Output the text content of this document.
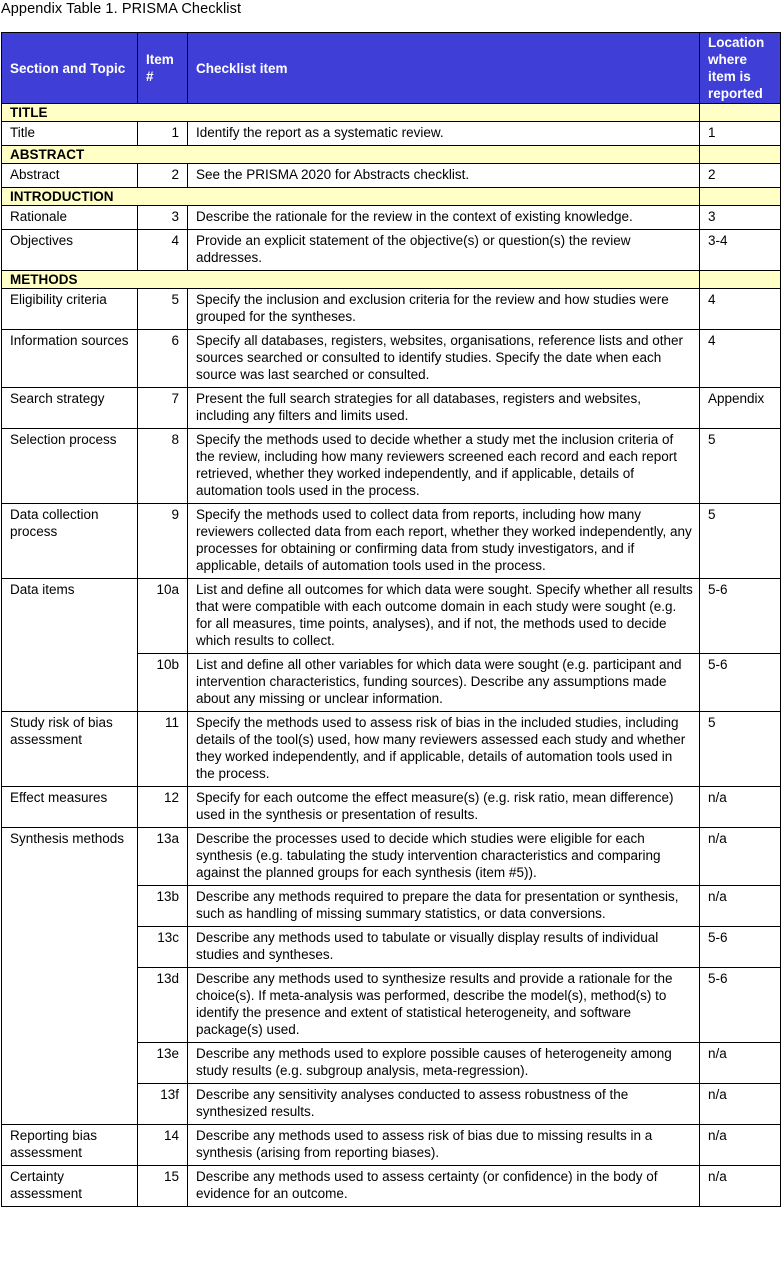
Appendix Table 1. PRISMA Checklist
Section and Topic	Item #	Checklist item	Location where item is reported
TITLE			
Title	1	Identify the report as a systematic review.	1
ABSTRACT			
Abstract	2	See the PRISMA 2020 for Abstracts checklist.	2
INTRODUCTION			
Rationale	3	Describe the rationale for the review in the context of existing knowledge.	3
Objectives	4	Provide an explicit statement of the objective(s) or question(s) the review addresses.	3-4
METHODS			
Eligibility criteria	5	Specify the inclusion and exclusion criteria for the review and how studies were grouped for the syntheses.	4
Information sources	6	Specify all databases, registers, websites, organisations, reference lists and other sources searched or consulted to identify studies. Specify the date when each source was last searched or consulted.	4
Search strategy	7	Present the full search strategies for all databases, registers and websites, including any filters and limits used.	Appendix
Selection process	8	Specify the methods used to decide whether a study met the inclusion criteria of the review, including how many reviewers screened each record and each report retrieved, whether they worked independently, and if applicable, details of automation tools used in the process.	5
Data collection process	9	Specify the methods used to collect data from reports, including how many reviewers collected data from each report, whether they worked independently, any processes for obtaining or confirming data from study investigators, and if applicable, details of automation tools used in the process.	5
Data items	10a	List and define all outcomes for which data were sought. Specify whether all results that were compatible with each outcome domain in each study were sought (e.g. for all measures, time points, analyses), and if not, the methods used to decide which results to collect.	5-6
	10b	List and define all other variables for which data were sought (e.g. participant and intervention characteristics, funding sources). Describe any assumptions made about any missing or unclear information.	5-6
Study risk of bias assessment	11	Specify the methods used to assess risk of bias in the included studies, including details of the tool(s) used, how many reviewers assessed each study and whether they worked independently, and if applicable, details of automation tools used in the process.	5
Effect measures	12	Specify for each outcome the effect measure(s) (e.g. risk ratio, mean difference) used in the synthesis or presentation of results.	n/a
Synthesis methods	13a	Describe the processes used to decide which studies were eligible for each synthesis (e.g. tabulating the study intervention characteristics and comparing against the planned groups for each synthesis (item #5)).	n/a
	13b	Describe any methods required to prepare the data for presentation or synthesis, such as handling of missing summary statistics, or data conversions.	n/a
	13c	Describe any methods used to tabulate or visually display results of individual studies and syntheses.	5-6
	13d	Describe any methods used to synthesize results and provide a rationale for the choice(s). If meta-analysis was performed, describe the model(s), method(s) to identify the presence and extent of statistical heterogeneity, and software package(s) used.	5-6
	13e	Describe any methods used to explore possible causes of heterogeneity among study results (e.g. subgroup analysis, meta-regression).	n/a
	13f	Describe any sensitivity analyses conducted to assess robustness of the synthesized results.	n/a
Reporting bias assessment	14	Describe any methods used to assess risk of bias due to missing results in a synthesis (arising from reporting biases).	n/a
Certainty assessment	15	Describe any methods used to assess certainty (or confidence) in the body of evidence for an outcome.	n/a
